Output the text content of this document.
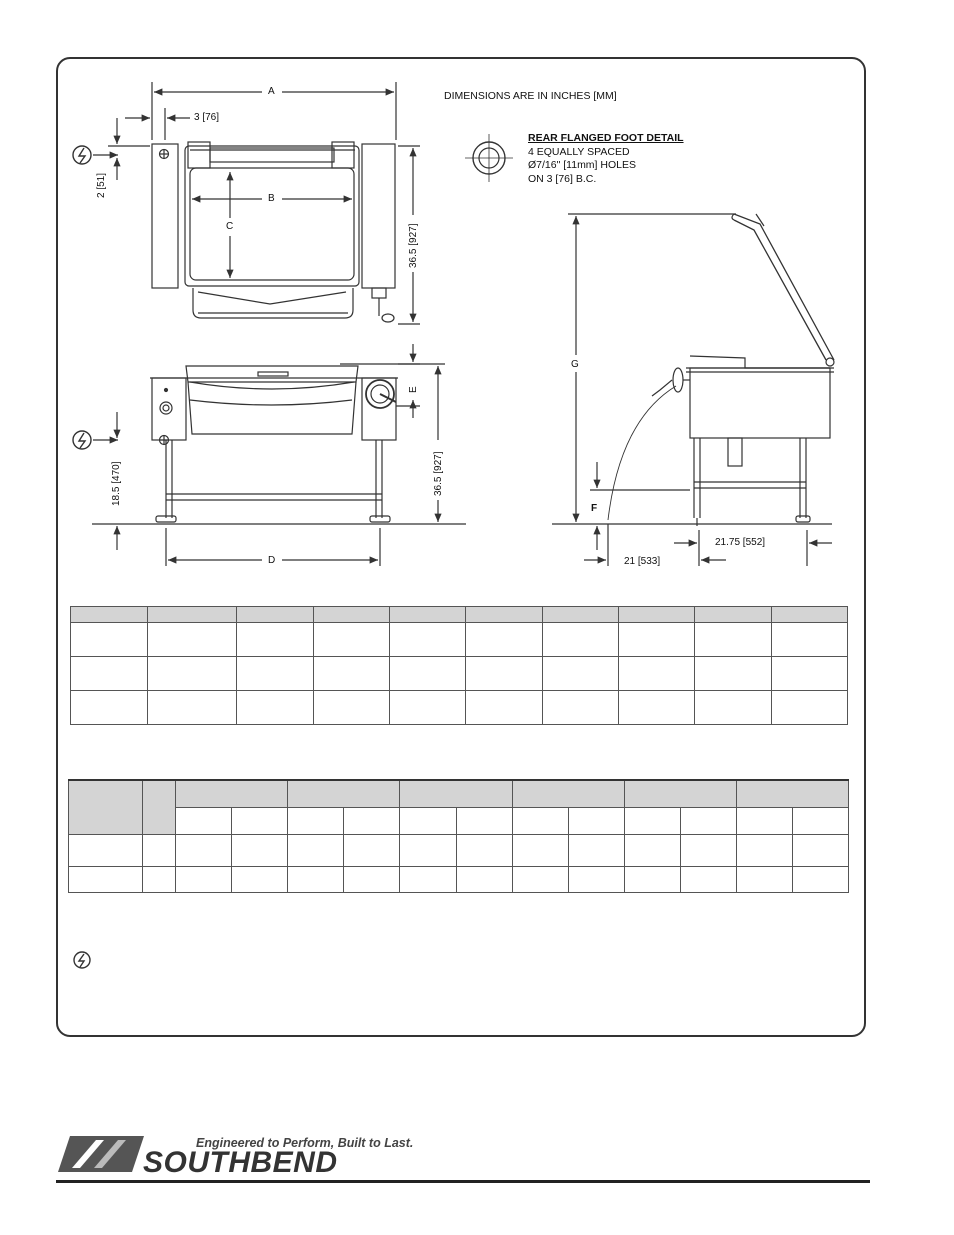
DIMENSIONS ARE IN INCHES [MM]
REAR FLANGED FOOT DETAIL
4 EQUALLY SPACED
Ø7/16" [11mm] HOLES
ON 3 [76] B.C.
A
3 [76]
2 [51]
B
C	36.5 [927]
E
18.5 [470]	36.5 [927]
D
G
F
21.75 [552]
21 [533]

Engineered to Perform, Built to Last.
SOUTHBEND
